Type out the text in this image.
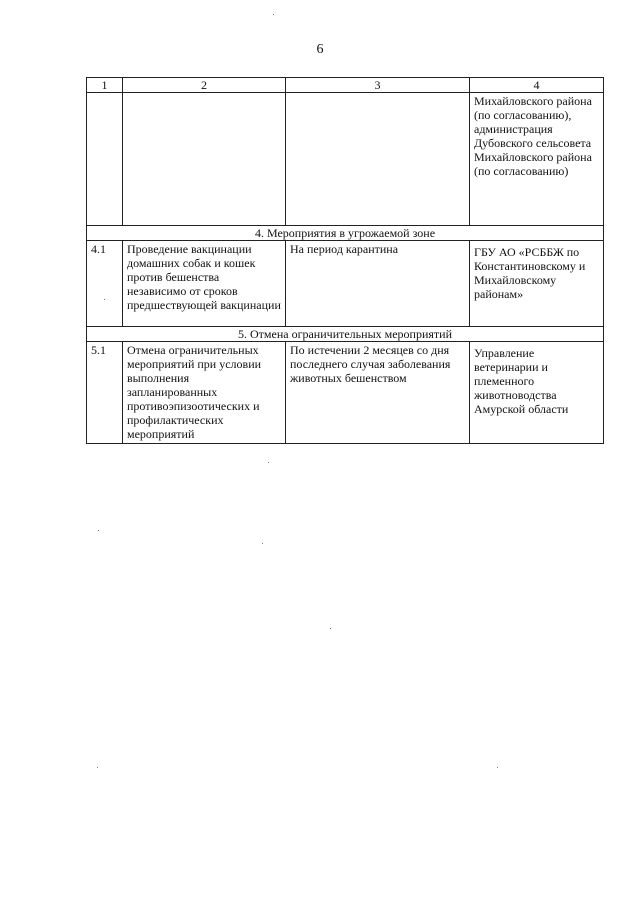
6
1	2	3	4
			Михайловского района (по согласованию), администрация Дубовского сельсовета Михайловского района (по согласованию)
4. Мероприятия в угрожаемой зоне			
4.1	Проведение вакцинации домашних собак и кошек против бешенства независимо от сроков предшествующей вакцинации	На период карантина	ГБУ АО «РСББЖ по Константиновскому и Михайловскому районам»
5. Отмена ограничительных мероприятий			
5.1	Отмена ограничительных мероприятий при условии выполнения запланированных противоэпизоотических и профилактических мероприятий	По истечении 2 месяцев со дня последнего случая заболевания животных бешенством	Управление ветеринарии и племенного животноводства Амурской области
